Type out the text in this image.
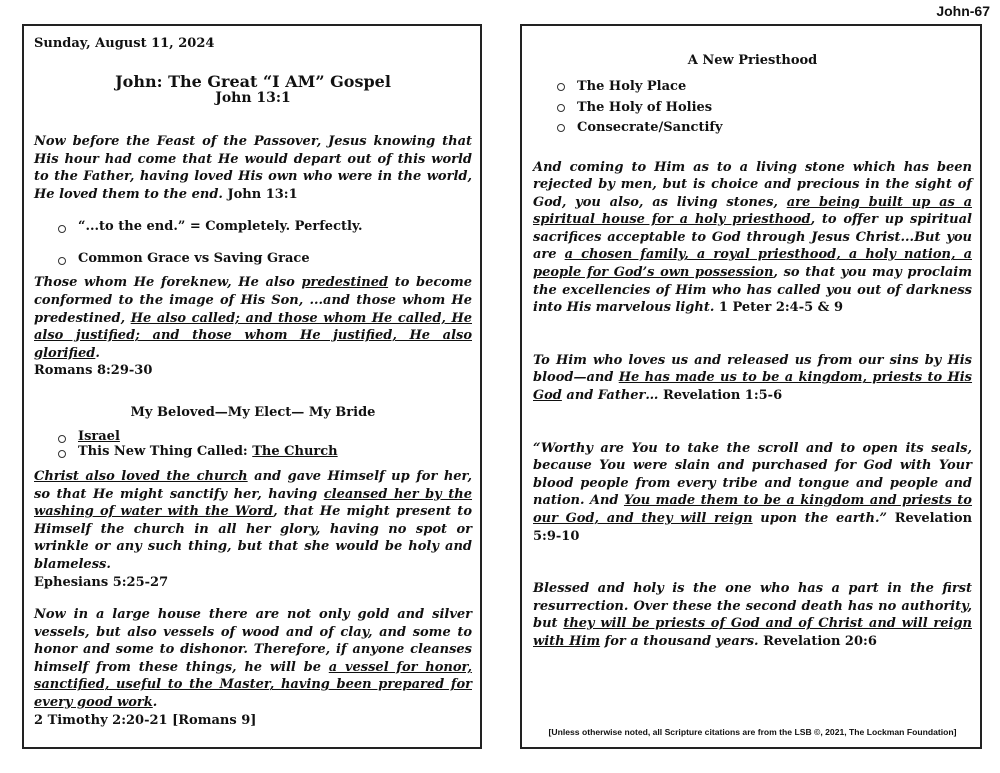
John-67
Sunday, August 11, 2024
John: The Great “I AM” Gospel
John 13:1

Now before the Feast of the Passover, Jesus knowing that His hour had come that He would depart out of this world to the Father, having loved His own who were in the world, He loved them to the end. John 13:1

“...to the end.” = Completely. Perfectly.
Common Grace vs Saving Grace

Those whom He foreknew, He also predestined to become conformed to the image of His Son, ...and those whom He predestined, He also called; and those whom He called, He also justified; and those whom He justified, He also glorified.
Romans 8:29-30

My Beloved—My Elect— My Bride
Israel
This New Thing Called: The Church

Christ also loved the church and gave Himself up for her, so that He might sanctify her, having cleansed her by the washing of water with the Word, that He might present to Himself the church in all her glory, having no spot or wrinkle or any such thing, but that she would be holy and blameless.
Ephesians 5:25-27

Now in a large house there are not only gold and silver vessels, but also vessels of wood and of clay, and some to honor and some to dishonor. Therefore, if anyone cleanses himself from these things, he will be a vessel for honor, sanctified, useful to the Master, having been prepared for every good work.
2 Timothy 2:20-21 [Romans 9]

A New Priesthood
The Holy Place
The Holy of Holies
Consecrate/Sanctify

And coming to Him as to a living stone which has been rejected by men, but is choice and precious in the sight of God, you also, as living stones, are being built up as a spiritual house for a holy priesthood, to offer up spiritual sacrifices acceptable to God through Jesus Christ...But you are a chosen family, a royal priesthood, a holy nation, a people for God’s own possession, so that you may proclaim the excellencies of Him who has called you out of darkness into His marvelous light. 1 Peter 2:4-5 & 9

To Him who loves us and released us from our sins by His blood—and He has made us to be a kingdom, priests to His God and Father… Revelation 1:5-6

“Worthy are You to take the scroll and to open its seals, because You were slain and purchased for God with Your blood people from every tribe and tongue and people and nation. And You made them to be a kingdom and priests to our God, and they will reign upon the earth.” Revelation 5:9-10

Blessed and holy is the one who has a part in the first resurrection. Over these the second death has no authority, but they will be priests of God and of Christ and will reign with Him for a thousand years. Revelation 20:6

[Unless otherwise noted, all Scripture citations are from the LSB ©, 2021, The Lockman Foundation]
